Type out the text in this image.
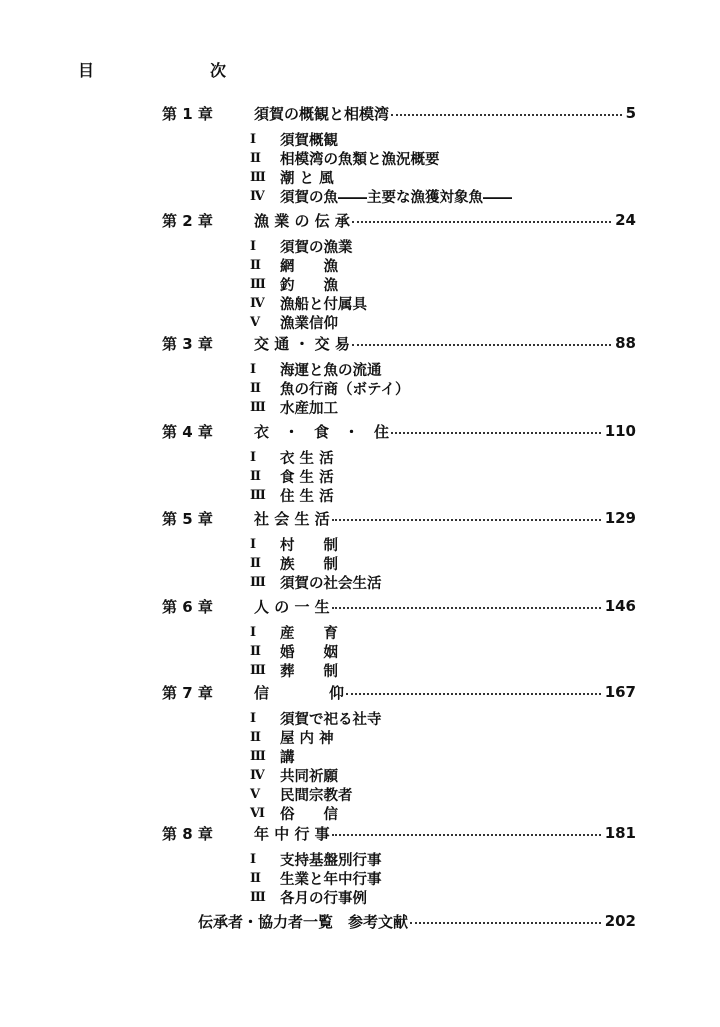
目　次
第 1 章	須賀の概観と相模湾	5
Ⅰ	須賀概観
Ⅱ	相模湾の魚類と漁況概要
Ⅲ 潮 と 風
Ⅳ	須賀の魚――主要な漁獲対象魚――
第 2 章	漁 業 の 伝 承	24
Ⅰ	須賀の漁業
Ⅱ	網　　漁
Ⅲ 釣　　漁
Ⅳ	漁船と付属具
Ⅴ	漁業信仰
第 3 章	交 通 ・ 交 易	88
Ⅰ	海運と魚の流通
Ⅱ	魚の行商（ボテイ）
Ⅲ 水産加工
第 4 章	衣　・　食　・　住	110
Ⅰ	衣 生 活
Ⅱ	食 生 活
Ⅲ 住 生 活
第 5 章	社 会 生 活	129
Ⅰ	村　　制
Ⅱ	族　　制
Ⅲ 須賀の社会生活
第 6 章	人 の 一 生	146
Ⅰ	産　　育
Ⅱ	婚　　姻
Ⅲ 葬　　制
第 7 章	信　　　　仰	167
Ⅰ	須賀で祀る社寺
Ⅱ	屋 内 神
Ⅲ 講
Ⅳ	共同祈願
Ⅴ	民間宗教者
Ⅵ	俗　　信
第 8 章	年 中 行 事	181
Ⅰ	支持基盤別行事
Ⅱ	生業と年中行事
Ⅲ 各月の行事例
伝承者・協力者一覧　参考文献	202
